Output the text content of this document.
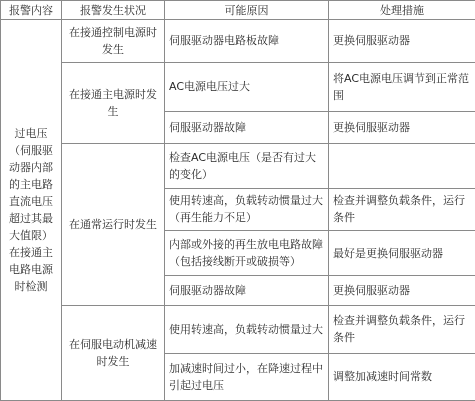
报警内容	报警发生状况	可能原因	处理措施
过电压（伺服驱动器内部的主电路直流电压超过其最大值限）在接通主电路电源时检测	在接通控制电源时发生	伺服驱动器电路板故障	更换伺服驱动器
	在接通主电源时发生	AC电源电压过大	将AC电源电压调节到正常范围
		伺服驱动器故障	更换伺服驱动器
	在通常运行时发生	检查AC电源电压（是否有过大的变化）	
		使用转速高，负载转动惯量过大（再生能力不足）	检查并调整负载条件，运行条件
		内部或外接的再生放电电路故障（包括接线断开或破损等）	最好是更换伺服驱动器
		伺服驱动器故障	更换伺服驱动器
	在伺服电动机减速时发生	使用转速高，负载转动惯量过大	检查并调整负载条件，运行条件
		加减速时间过小，在降速过程中引起过电压	调整加减速时间常数
